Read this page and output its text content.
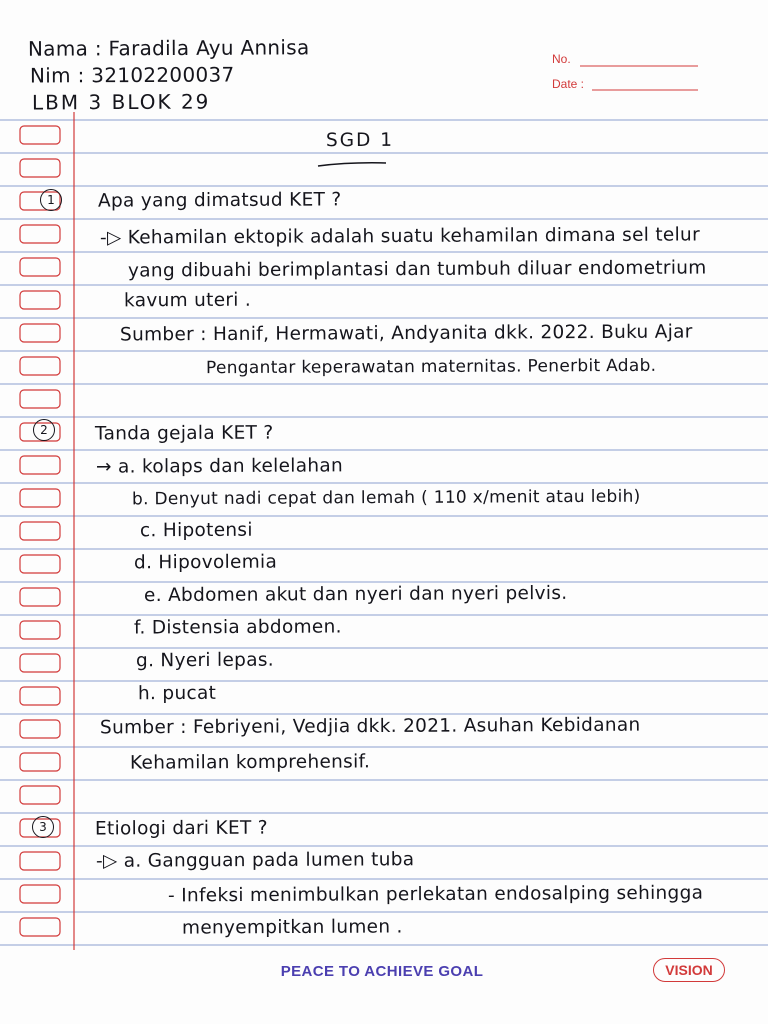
Nama : Faradila Ayu Annisa
Nim : 32102200037
LBM 3 BLOK 29
No.
Date :
SGD 1
1	Apa yang dimatsud KET ?
-▷ Kehamilan ektopik adalah suatu kehamilan dimana sel telur
yang dibuahi berimplantasi dan tumbuh diluar endometrium
kavum uteri .
Sumber : Hanif, Hermawati, Andyanita dkk. 2022. Buku Ajar
Pengantar keperawatan maternitas. Penerbit Adab.
2	Tanda gejala KET ?
→ a. kolaps dan kelelahan
b. Denyut nadi cepat dan lemah ( 110 x/menit atau lebih)
c. Hipotensi
d. Hipovolemia
e. Abdomen akut dan nyeri dan nyeri pelvis.
f. Distensia abdomen.
g. Nyeri lepas.
h. pucat
Sumber : Febriyeni, Vedjia dkk. 2021. Asuhan Kebidanan
Kehamilan komprehensif.
3	Etiologi dari KET ?
-▷ a. Gangguan pada lumen tuba
- Infeksi menimbulkan perlekatan endosalping sehingga
menyempitkan lumen .
PEACE TO ACHIEVE GOAL	VISION
